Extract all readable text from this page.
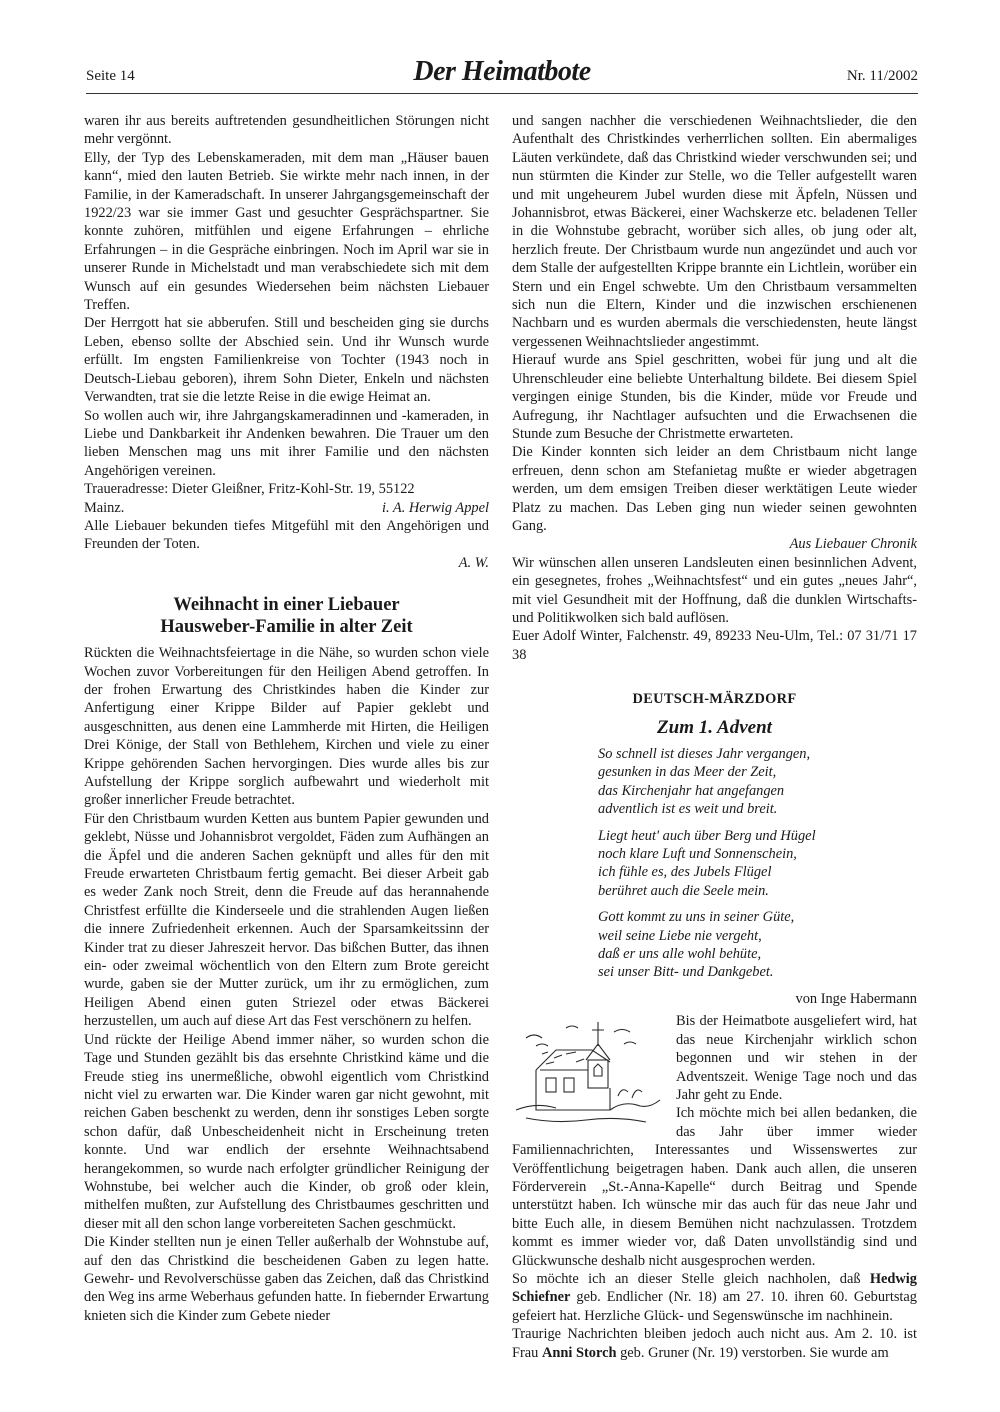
Seite 14	Der Heimatbote	Nr. 11/2002

waren ihr aus bereits auftretenden gesundheitlichen Störungen nicht mehr vergönnt.

Elly, der Typ des Lebenskameraden, mit dem man „Häuser bauen kann“, mied den lauten Betrieb. Sie wirkte mehr nach innen, in der Familie, in der Kameradschaft. In unserer Jahrgangsgemeinschaft der 1922/23 war sie immer Gast und gesuchter Gesprächspartner. Sie konnte zuhören, mitfühlen und eigene Erfahrungen – ehrliche Erfahrungen – in die Gespräche einbringen. Noch im April war sie in unserer Runde in Michelstadt und man verabschiedete sich mit dem Wunsch auf ein gesundes Wiedersehen beim nächsten Liebauer Treffen.

Der Herrgott hat sie abberufen. Still und bescheiden ging sie durchs Leben, ebenso sollte der Abschied sein. Und ihr Wunsch wurde erfüllt. Im engsten Familienkreise von Tochter (1943 noch in Deutsch-Liebau geboren), ihrem Sohn Dieter, Enkeln und nächsten Verwandten, trat sie die letzte Reise in die ewige Heimat an.

So wollen auch wir, ihre Jahrgangskameradinnen und -kameraden, in Liebe und Dankbarkeit ihr Andenken bewahren. Die Trauer um den lieben Menschen mag uns mit ihrer Familie und den nächsten Angehörigen vereinen.

Traueradresse: Dieter Gleißner, Fritz-Kohl-Str. 19, 55122

Mainz.	i. A. Herwig Appel

Alle Liebauer bekunden tiefes Mitgefühl mit den Angehörigen und Freunden der Toten.

A. W.
Weihnacht in einer Liebauer
Hausweber-Familie in alter Zeit

Rückten die Weihnachtsfeiertage in die Nähe, so wurden schon viele Wochen zuvor Vorbereitungen für den Heiligen Abend getroffen. In der frohen Erwartung des Christkindes haben die Kinder zur Anfertigung einer Krippe Bilder auf Papier geklebt und ausgeschnitten, aus denen eine Lammherde mit Hirten, die Heiligen Drei Könige, der Stall von Bethlehem, Kirchen und viele zu einer Krippe gehörenden Sachen hervorgingen. Dies wurde alles bis zur Aufstellung der Krippe sorglich aufbewahrt und wiederholt mit großer innerlicher Freude betrachtet.

Für den Christbaum wurden Ketten aus buntem Papier gewunden und geklebt, Nüsse und Johannisbrot vergoldet, Fäden zum Aufhängen an die Äpfel und die anderen Sachen geknüpft und alles für den mit Freude erwarteten Christbaum fertig gemacht. Bei dieser Arbeit gab es weder Zank noch Streit, denn die Freude auf das herannahende Christfest erfüllte die Kinderseele und die strahlenden Augen ließen die innere Zufriedenheit erkennen. Auch der Sparsamkeitssinn der Kinder trat zu dieser Jahreszeit hervor. Das bißchen Butter, das ihnen ein- oder zweimal wöchentlich von den Eltern zum Brote gereicht wurde, gaben sie der Mutter zurück, um ihr zu ermöglichen, zum Heiligen Abend einen guten Striezel oder etwas Bäckerei herzustellen, um auch auf diese Art das Fest verschönern zu helfen.

Und rückte der Heilige Abend immer näher, so wurden schon die Tage und Stunden gezählt bis das ersehnte Christkind käme und die Freude stieg ins unermeßliche, obwohl eigentlich vom Christkind nicht viel zu erwarten war. Die Kinder waren gar nicht gewohnt, mit reichen Gaben beschenkt zu werden, denn ihr sonstiges Leben sorgte schon dafür, daß Unbescheidenheit nicht in Erscheinung treten konnte. Und war endlich der ersehnte Weihnachtsabend herangekommen, so wurde nach erfolgter gründlicher Reinigung der Wohnstube, bei welcher auch die Kinder, ob groß oder klein, mithelfen mußten, zur Aufstellung des Christbaumes geschritten und dieser mit all den schon lange vorbereiteten Sachen geschmückt.

Die Kinder stellten nun je einen Teller außerhalb der Wohnstube auf, auf den das Christkind die bescheidenen Gaben zu legen hatte. Gewehr- und Revolverschüsse gaben das Zeichen, daß das Christkind den Weg ins arme Weberhaus gefunden hatte. In fiebernder Erwartung knieten sich die Kinder zum Gebete nieder

und sangen nachher die verschiedenen Weihnachtslieder, die den Aufenthalt des Christkindes verherrlichen sollten. Ein abermaliges Läuten verkündete, daß das Christkind wieder verschwunden sei; und nun stürmten die Kinder zur Stelle, wo die Teller aufgestellt waren und mit ungeheurem Jubel wurden diese mit Äpfeln, Nüssen und Johannisbrot, etwas Bäckerei, einer Wachskerze etc. beladenen Teller in die Wohnstube gebracht, worüber sich alles, ob jung oder alt, herzlich freute. Der Christbaum wurde nun angezündet und auch vor dem Stalle der aufgestellten Krippe brannte ein Lichtlein, worüber ein Stern und ein Engel schwebte. Um den Christbaum versammelten sich nun die Eltern, Kinder und die inzwischen erschienenen Nachbarn und es wurden abermals die verschiedensten, heute längst vergessenen Weihnachtslieder angestimmt.

Hierauf wurde ans Spiel geschritten, wobei für jung und alt die Uhrenschleuder eine beliebte Unterhaltung bildete. Bei diesem Spiel vergingen einige Stunden, bis die Kinder, müde vor Freude und Aufregung, ihr Nachtlager aufsuchten und die Erwachsenen die Stunde zum Besuche der Christmette erwarteten.

Die Kinder konnten sich leider an dem Christbaum nicht lange erfreuen, denn schon am Stefanietag mußte er wieder abgetragen werden, um dem emsigen Treiben dieser werktätigen Leute wieder Platz zu machen. Das Leben ging nun wieder seinen gewohnten Gang.

Aus Liebauer Chronik

Wir wünschen allen unseren Landsleuten einen besinnlichen Advent, ein gesegnetes, frohes „Weihnachtsfest“ und ein gutes „neues Jahr“, mit viel Gesundheit mit der Hoffnung, daß die dunklen Wirtschafts- und Politikwolken sich bald auflösen.

Euer Adolf Winter, Falchenstr. 49, 89233 Neu-Ulm, Tel.: 07 31/71 17 38

DEUTSCH-MÄRZDORF
Zum 1. Advent
So schnell ist dieses Jahr vergangen,
gesunken in das Meer der Zeit,
das Kirchenjahr hat angefangen
adventlich ist es weit und breit.
Liegt heut' auch über Berg und Hügel
noch klare Luft und Sonnenschein,
ich fühle es, des Jubels Flügel
berühret auch die Seele mein.
Gott kommt zu uns in seiner Güte,
weil seine Liebe nie vergeht,
daß er uns alle wohl behüte,
sei unser Bitt- und Dankgebet.
von Inge Habermann

Bis der Heimatbote ausgeliefert wird, hat das neue Kirchenjahr wirklich schon begonnen und wir stehen in der Adventszeit. Wenige Tage noch und das Jahr geht zu Ende.

Ich möchte mich bei allen bedanken, die das Jahr über immer wieder Familiennachrichten, Interessantes und Wissenswertes zur Veröffentlichung beigetragen haben. Dank auch allen, die unseren Förderverein „St.-Anna-Kapelle“ durch Beitrag und Spende unterstützt haben. Ich wünsche mir das auch für das neue Jahr und bitte Euch alle, in diesem Bemühen nicht nachzulassen. Trotzdem kommt es immer wieder vor, daß Daten unvollständig sind und Glückwunsche deshalb nicht ausgesprochen werden.

So möchte ich an dieser Stelle gleich nachholen, daß Hedwig Schiefner geb. Endlicher (Nr. 18) am 27. 10. ihren 60. Geburtstag gefeiert hat. Herzliche Glück- und Segenswünsche im nachhinein.

Traurige Nachrichten bleiben jedoch auch nicht aus. Am 2. 10. ist Frau Anni Storch geb. Gruner (Nr. 19) verstorben. Sie wurde am
